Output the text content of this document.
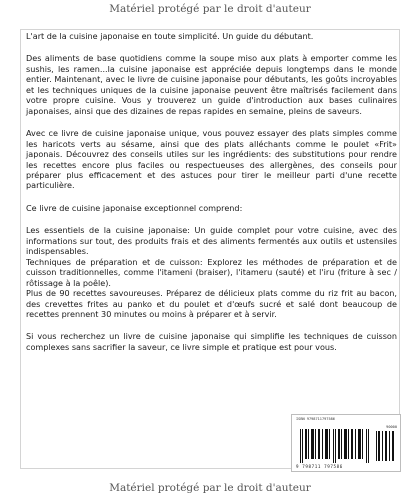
Matériel protégé par le droit d'auteur

L'art de la cuisine japonaise en toute simplicité. Un guide du débutant.

Des aliments de base quotidiens comme la soupe miso aux plats à emporter comme les sushis, les ramen...la cuisine japonaise est appréciée depuis longtemps dans le monde entier. Maintenant, avec le livre de cuisine japonaise pour débutants, les goûts incroyables et les techniques uniques de la cuisine japonaise peuvent être maîtrisés facilement dans votre propre cuisine. Vous y trouverez un guide d'introduction aux bases culinaires japonaises, ainsi que des dizaines de repas rapides en semaine, pleins de saveurs.

Avec ce livre de cuisine japonaise unique, vous pouvez essayer des plats simples comme les haricots verts au sésame, ainsi que des plats alléchants comme le poulet «Frit» japonais. Découvrez des conseils utiles sur les ingrédients: des substitutions pour rendre les recettes encore plus faciles ou respectueuses des allergènes, des conseils pour préparer plus efficacement et des astuces pour tirer le meilleur parti d'une recette particulière.

Ce livre de cuisine japonaise exceptionnel comprend:

Les essentiels de la cuisine japonaise: Un guide complet pour votre cuisine, avec des informations sur tout, des produits frais et des aliments fermentés aux outils et ustensiles indispensables.

Techniques de préparation et de cuisson: Explorez les méthodes de préparation et de cuisson traditionnelles, comme l'itameni (braiser), l'itameru (sauté) et l'iru (friture à sec / rôtissage à la poêle).

Plus de 90 recettes savoureuses. Préparez de délicieux plats comme du riz frit au bacon, des crevettes frites au panko et du poulet et d'œufs sucré et salé dont beaucoup de recettes prennent 30 minutes ou moins à préparer et à servir.

Si vous recherchez un livre de cuisine japonaise qui simplifie les techniques de cuisson complexes sans sacrifier la saveur, ce livre simple et pratique est pour vous.

ISBN 9798711797586
90000
9 798711 797586
Matériel protégé par le droit d'auteur
